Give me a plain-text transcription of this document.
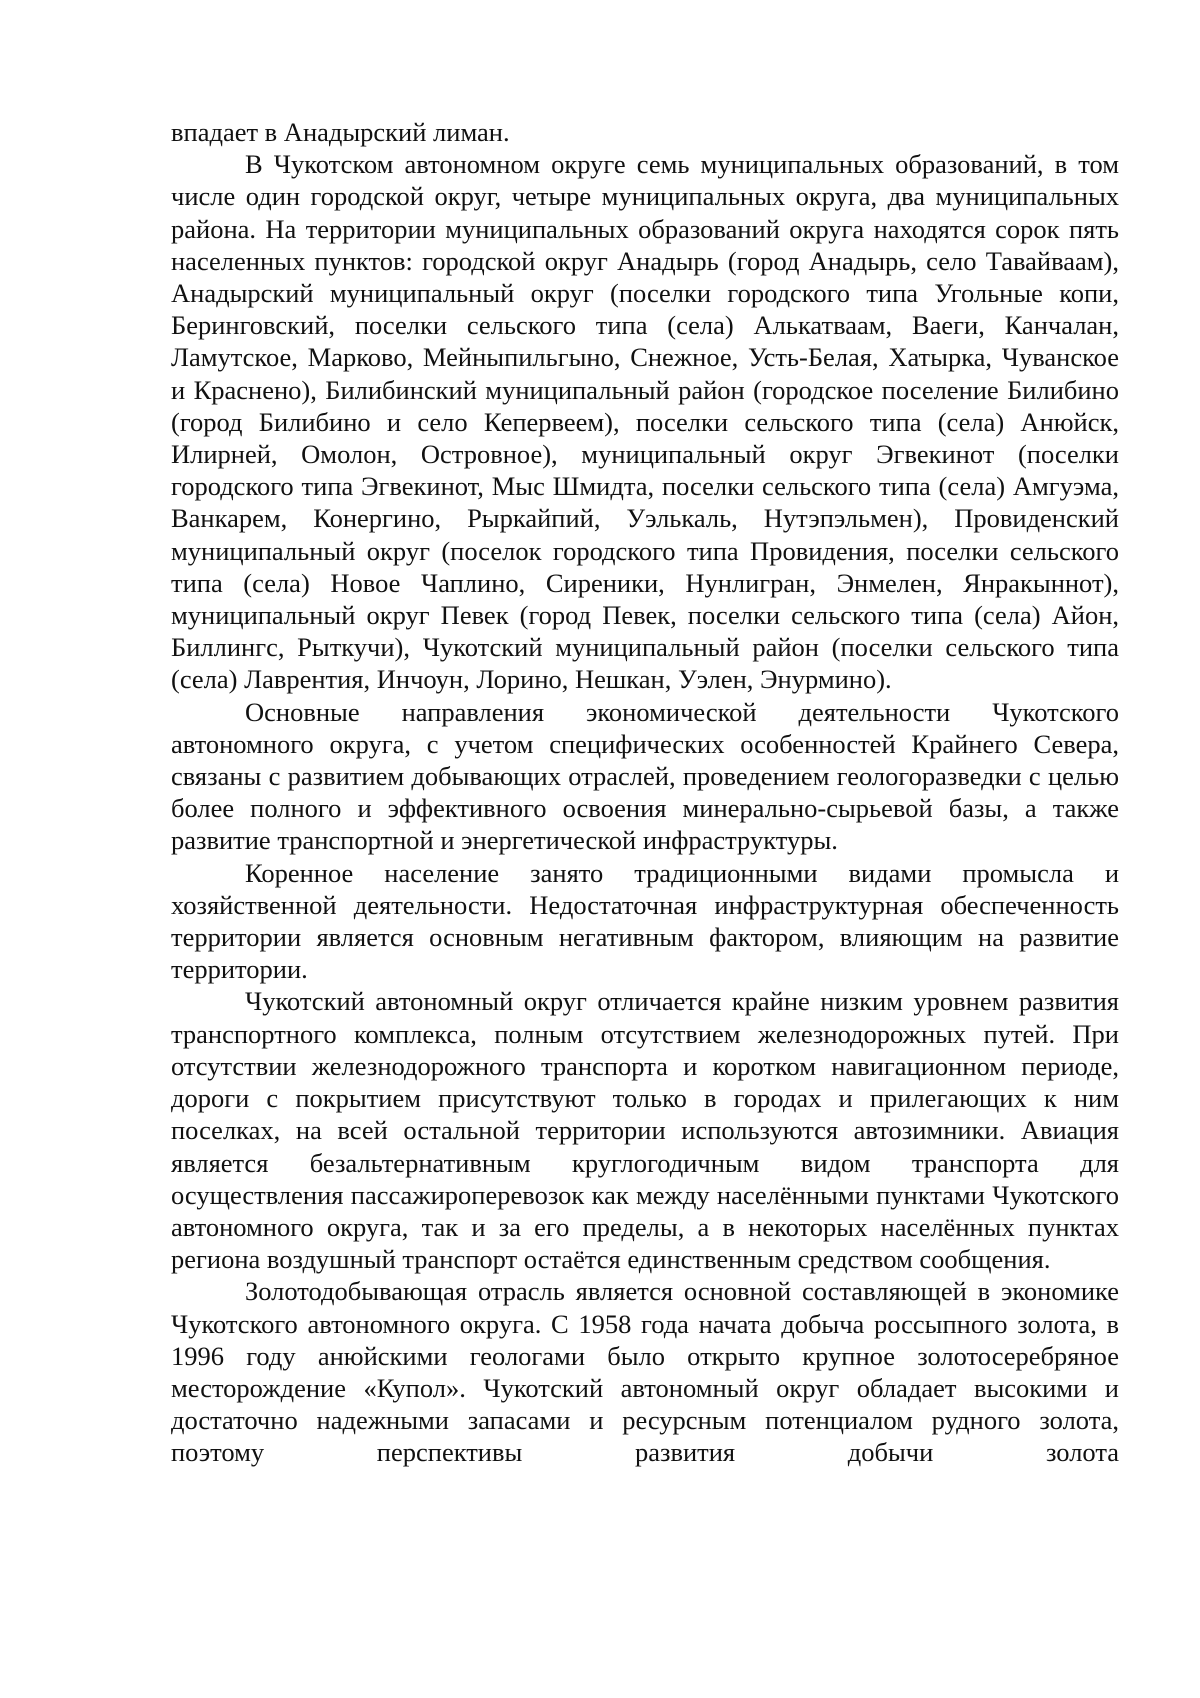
впадает в Анадырский лиман.

В Чукотском автономном округе семь муниципальных образований, в том числе один городской округ, четыре муниципальных округа, два муниципальных района. На территории муниципальных образований округа находятся сорок пять населенных пунктов: городской округ Анадырь (город Анадырь, село Тавайваам), Анадырский муниципальный округ (поселки городского типа Угольные копи, Беринговский, поселки сельского типа (села) Алькатваам, Ваеги, Канчалан, Ламутское, Марково, Мейныпильгыно, Снежное, Усть-Белая, Хатырка, Чуванское и Краснено), Билибинский муниципальный район (городское поселение Билибино (город Билибино и село Кепервеем), поселки сельского типа (села) Анюйск, Илирней, Омолон, Островное), муниципальный округ Эгвекинот (поселки городского типа Эгвекинот, Мыс Шмидта, поселки сельского типа (села) Амгуэма, Ванкарем, Конергино, Рыркайпий, Уэлькаль, Нутэпэльмен), Провиденский муниципальный округ (поселок городского типа Провидения, поселки сельского типа (села) Новое Чаплино, Сиреники, Нунлигран, Энмелен, Янракыннот), муниципальный округ Певек (город Певек, поселки сельского типа (села) Айон, Биллингс, Рыткучи), Чукотский муниципальный район (поселки сельского типа (села) Лаврентия, Инчоун, Лорино, Нешкан, Уэлен, Энурмино).

Основные направления экономической деятельности Чукотского автономного округа, с учетом специфических особенностей Крайнего Севера, связаны с развитием добывающих отраслей, проведением геологоразведки с целью более полного и эффективного освоения минерально-сырьевой базы, а также развитие транспортной и энергетической инфраструктуры.

Коренное население занято традиционными видами промысла и хозяйственной деятельности. Недостаточная инфраструктурная обеспеченность территории является основным негативным фактором, влияющим на развитие территории.

Чукотский автономный округ отличается крайне низким уровнем развития транспортного комплекса, полным отсутствием железнодорожных путей. При отсутствии железнодорожного транспорта и коротком навигационном периоде, дороги с покрытием присутствуют только в городах и прилегающих к ним поселках, на всей остальной территории используются автозимники. Авиация является безальтернативным круглогодичным видом транспорта для осуществления пассажироперевозок как между населёнными пунктами Чукотского автономного округа, так и за его пределы, а в некоторых населённых пунктах региона воздушный транспорт остаётся единственным средством сообщения.

Золотодобывающая отрасль является основной составляющей в экономике Чукотского автономного округа. С 1958 года начата добыча россыпного золота, в 1996 году анюйскими геологами было открыто крупное золотосеребряное месторождение «Купол». Чукотский автономный округ обладает высокими и достаточно надежными запасами и ресурсным потенциалом рудного золота, поэтому перспективы развития добычи золота
